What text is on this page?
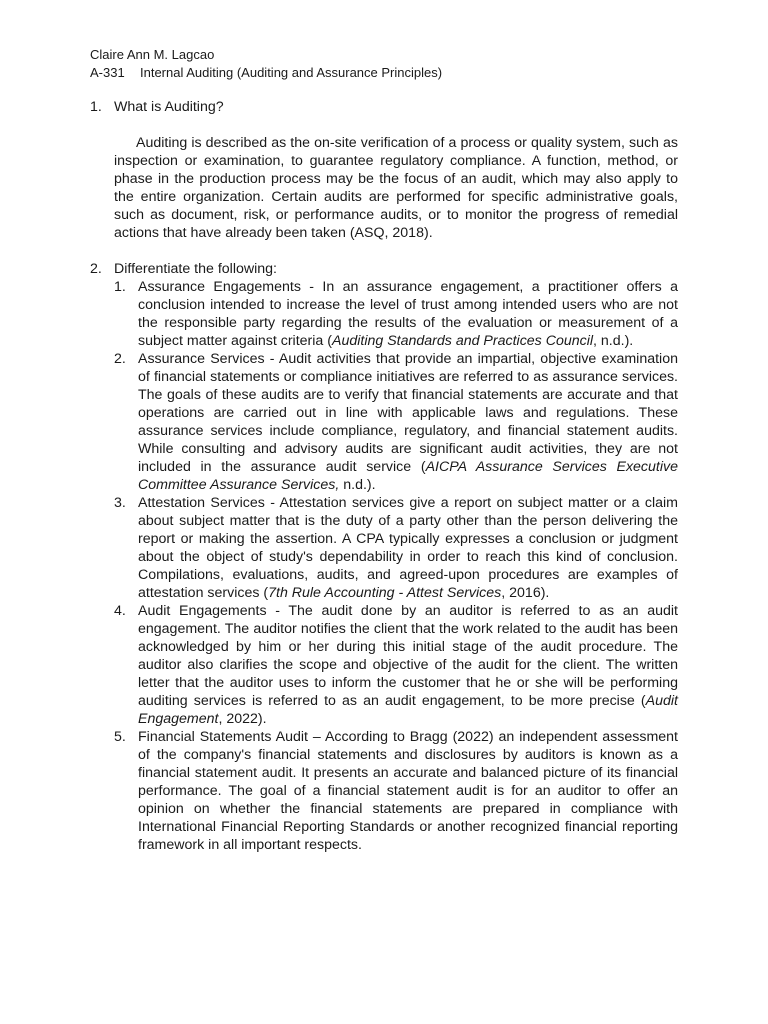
Claire Ann M. Lagcao
A-331 Internal Auditing (Auditing and Assurance Principles)
1. What is Auditing?

Auditing is described as the on-site verification of a process or quality system, such as inspection or examination, to guarantee regulatory compliance. A function, method, or phase in the production process may be the focus of an audit, which may also apply to the entire organization. Certain audits are performed for specific administrative goals, such as document, risk, or performance audits, or to monitor the progress of remedial actions that have already been taken (ASQ, 2018).

2. Differentiate the following:
1. Assurance Engagements - In an assurance engagement, a practitioner offers a conclusion intended to increase the level of trust among intended users who are not the responsible party regarding the results of the evaluation or measurement of a subject matter against criteria (Auditing Standards and Practices Council, n.d.).
2. Assurance Services - Audit activities that provide an impartial, objective examination of financial statements or compliance initiatives are referred to as assurance services. The goals of these audits are to verify that financial statements are accurate and that operations are carried out in line with applicable laws and regulations. These assurance services include compliance, regulatory, and financial statement audits. While consulting and advisory audits are significant audit activities, they are not included in the assurance audit service (AICPA Assurance Services Executive Committee Assurance Services, n.d.).
3. Attestation Services - Attestation services give a report on subject matter or a claim about subject matter that is the duty of a party other than the person delivering the report or making the assertion. A CPA typically expresses a conclusion or judgment about the object of study's dependability in order to reach this kind of conclusion. Compilations, evaluations, audits, and agreed-upon procedures are examples of attestation services (7th Rule Accounting - Attest Services, 2016).
4. Audit Engagements - The audit done by an auditor is referred to as an audit engagement. The auditor notifies the client that the work related to the audit has been acknowledged by him or her during this initial stage of the audit procedure. The auditor also clarifies the scope and objective of the audit for the client. The written letter that the auditor uses to inform the customer that he or she will be performing auditing services is referred to as an audit engagement, to be more precise (Audit Engagement, 2022).
5. Financial Statements Audit – According to Bragg (2022) an independent assessment of the company's financial statements and disclosures by auditors is known as a financial statement audit. It presents an accurate and balanced picture of its financial performance. The goal of a financial statement audit is for an auditor to offer an opinion on whether the financial statements are prepared in compliance with International Financial Reporting Standards or another recognized financial reporting framework in all important respects.
